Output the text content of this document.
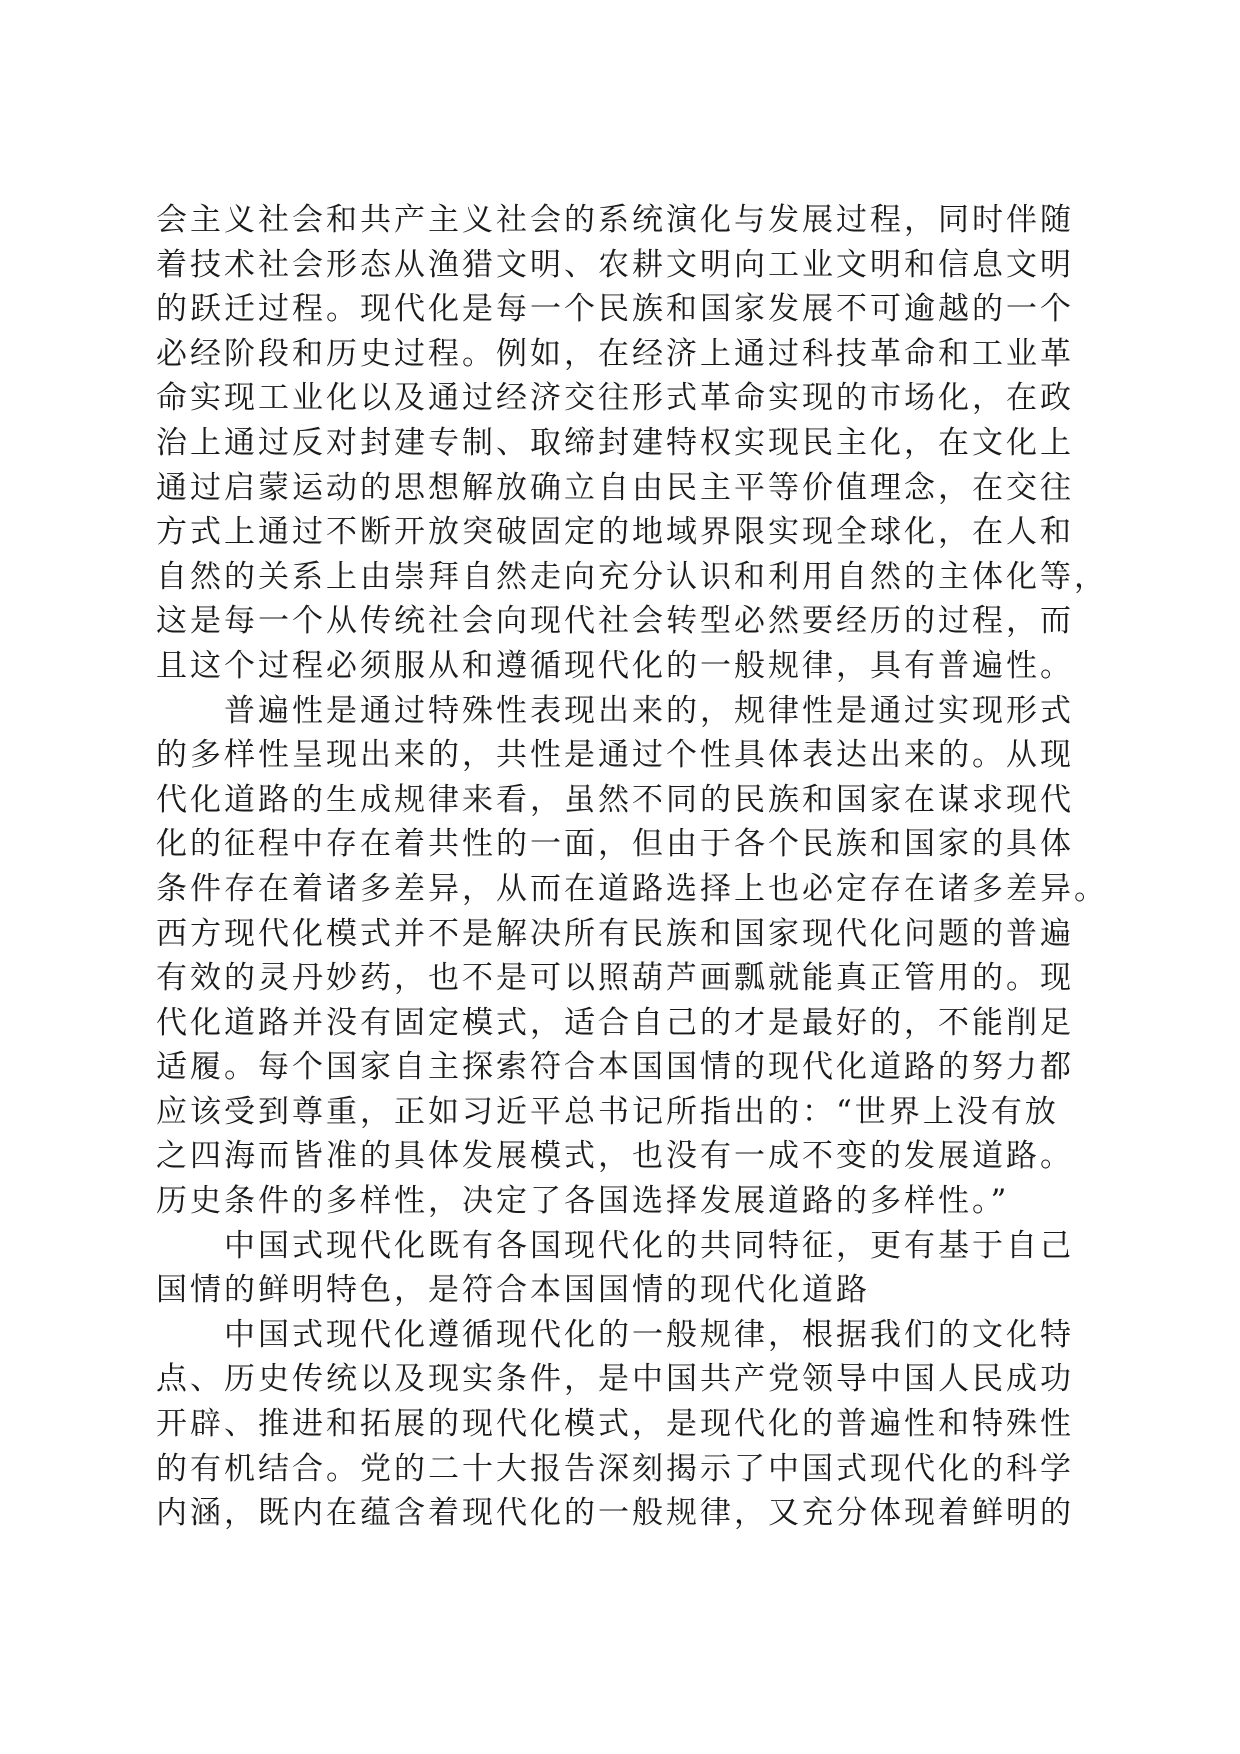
会主义社会和共产主义社会的系统演化与发展过程，同时伴随
着技术社会形态从渔猎文明、农耕文明向工业文明和信息文明
的跃迁过程。现代化是每一个民族和国家发展不可逾越的一个
必经阶段和历史过程。例如，在经济上通过科技革命和工业革
命实现工业化以及通过经济交往形式革命实现的市场化，在政
治上通过反对封建专制、取缔封建特权实现民主化，在文化上
通过启蒙运动的思想解放确立自由民主平等价值理念，在交往
方式上通过不断开放突破固定的地域界限实现全球化，在人和
自然的关系上由崇拜自然走向充分认识和利用自然的主体化等，
这是每一个从传统社会向现代社会转型必然要经历的过程，而
且这个过程必须服从和遵循现代化的一般规律，具有普遍性。
普遍性是通过特殊性表现出来的，规律性是通过实现形式
的多样性呈现出来的，共性是通过个性具体表达出来的。从现
代化道路的生成规律来看，虽然不同的民族和国家在谋求现代
化的征程中存在着共性的一面，但由于各个民族和国家的具体
条件存在着诸多差异，从而在道路选择上也必定存在诸多差异。
西方现代化模式并不是解决所有民族和国家现代化问题的普遍
有效的灵丹妙药，也不是可以照葫芦画瓢就能真正管用的。现
代化道路并没有固定模式，适合自己的才是最好的，不能削足
适履。每个国家自主探索符合本国国情的现代化道路的努力都
应该受到尊重，正如习近平总书记所指出的：“世界上没有放
之四海而皆准的具体发展模式，也没有一成不变的发展道路。
历史条件的多样性，决定了各国选择发展道路的多样性。”
中国式现代化既有各国现代化的共同特征，更有基于自己
国情的鲜明特色，是符合本国国情的现代化道路
中国式现代化遵循现代化的一般规律，根据我们的文化特
点、历史传统以及现实条件，是中国共产党领导中国人民成功
开辟、推进和拓展的现代化模式，是现代化的普遍性和特殊性
的有机结合。党的二十大报告深刻揭示了中国式现代化的科学
内涵，既内在蕴含着现代化的一般规律，又充分体现着鲜明的
